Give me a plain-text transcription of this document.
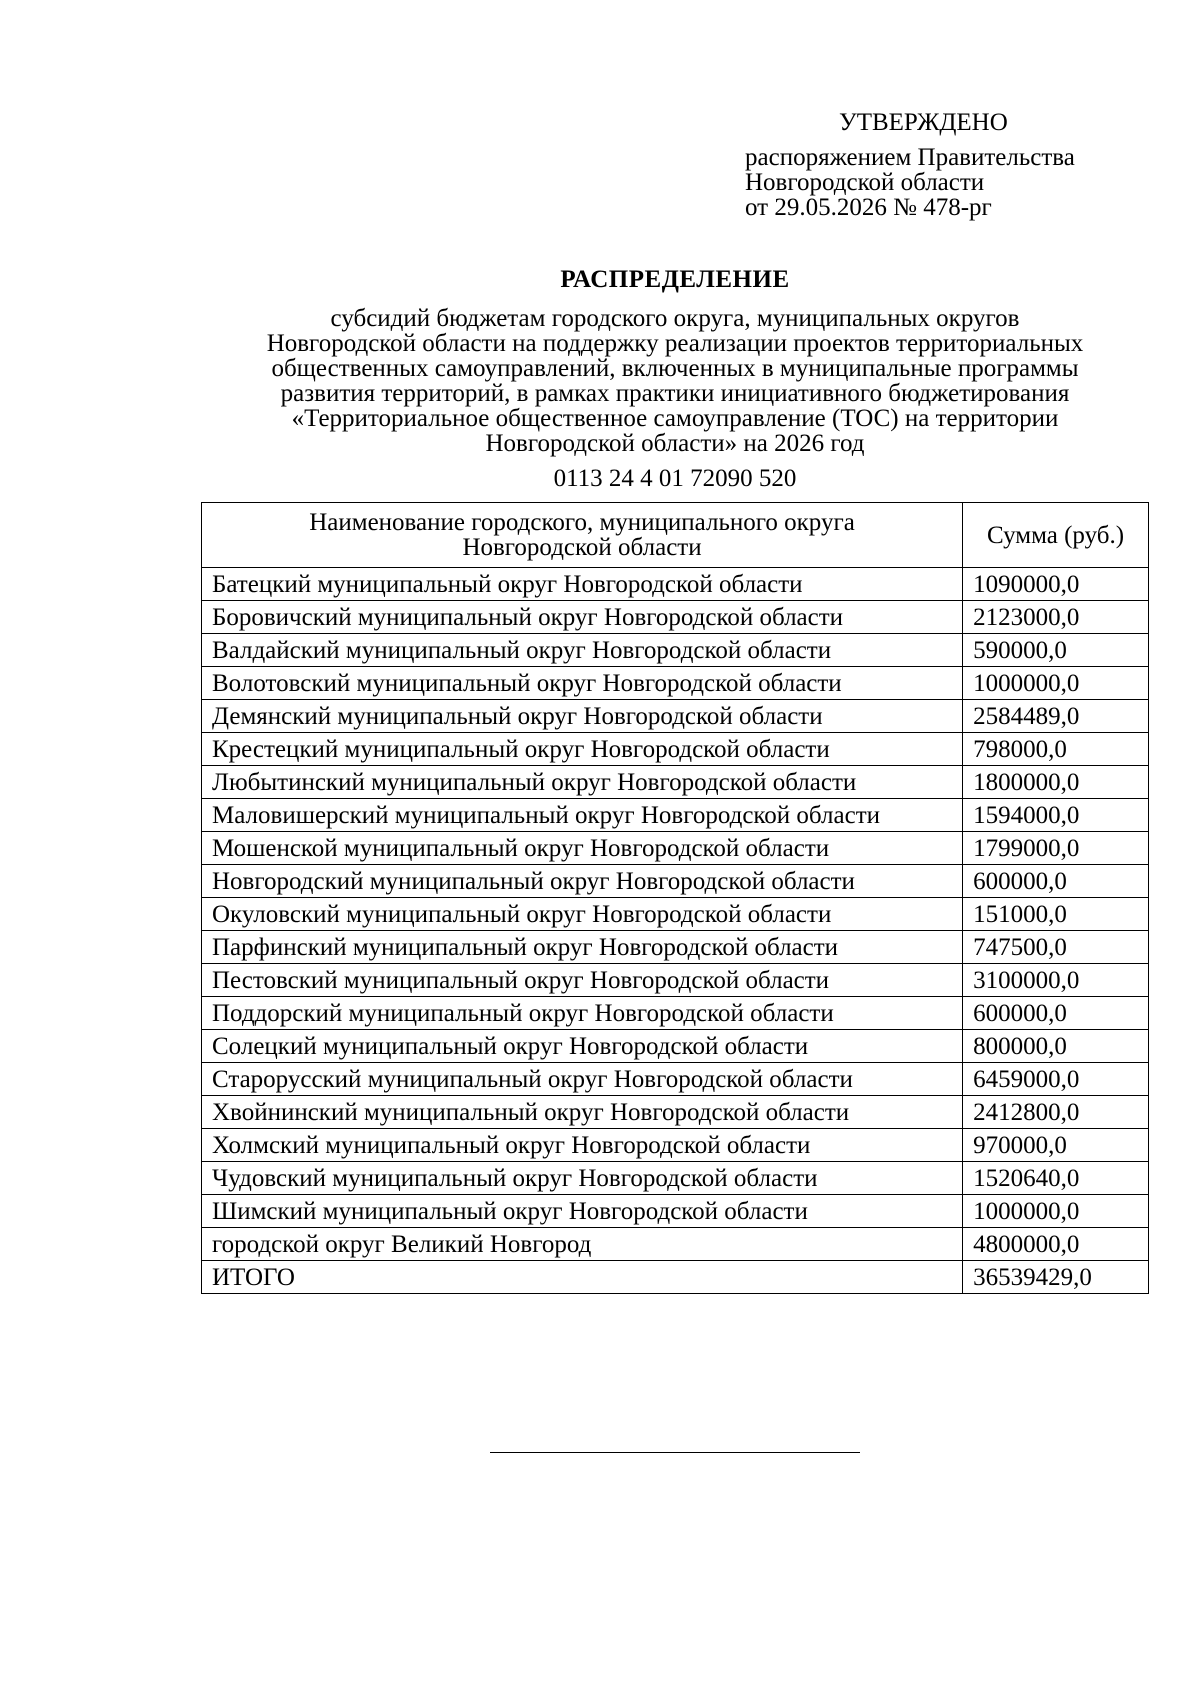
УТВЕРЖДЕНО
распоряжением Правительства
Новгородской области
от 29.05.2026 № 478-рг
РАСПРЕДЕЛЕНИЕ
субсидий бюджетам городского округа, муниципальных округов
Новгородской области на поддержку реализации проектов территориальных
общественных самоуправлений, включенных в муниципальные программы
развития территорий, в рамках практики инициативного бюджетирования
«Территориальное общественное самоуправление (ТОС) на территории
Новгородской области» на 2026 год
0113 24 4 01 72090 520
Наименование городского, муниципального округа
Новгородской области	Сумма (руб.)
Батецкий муниципальный округ Новгородской области	1090000,0
Боровичский муниципальный округ Новгородской области	2123000,0
Валдайский муниципальный округ Новгородской области	590000,0
Волотовский муниципальный округ Новгородской области	1000000,0
Демянский муниципальный округ Новгородской области	2584489,0
Крестецкий муниципальный округ Новгородской области	798000,0
Любытинский муниципальный округ Новгородской области	1800000,0
Маловишерский муниципальный округ Новгородской области	1594000,0
Мошенской муниципальный округ Новгородской области	1799000,0
Новгородский муниципальный округ Новгородской области	600000,0
Окуловский муниципальный округ Новгородской области	151000,0
Парфинский муниципальный округ Новгородской области	747500,0
Пестовский муниципальный округ Новгородской области	3100000,0
Поддорский муниципальный округ Новгородской области	600000,0
Солецкий муниципальный округ Новгородской области	800000,0
Старорусский муниципальный округ Новгородской области	6459000,0
Хвойнинский муниципальный округ Новгородской области	2412800,0
Холмский муниципальный округ Новгородской области	970000,0
Чудовский муниципальный округ Новгородской области	1520640,0
Шимский муниципальный округ Новгородской области	1000000,0
городской округ Великий Новгород	4800000,0
ИТОГО	36539429,0
